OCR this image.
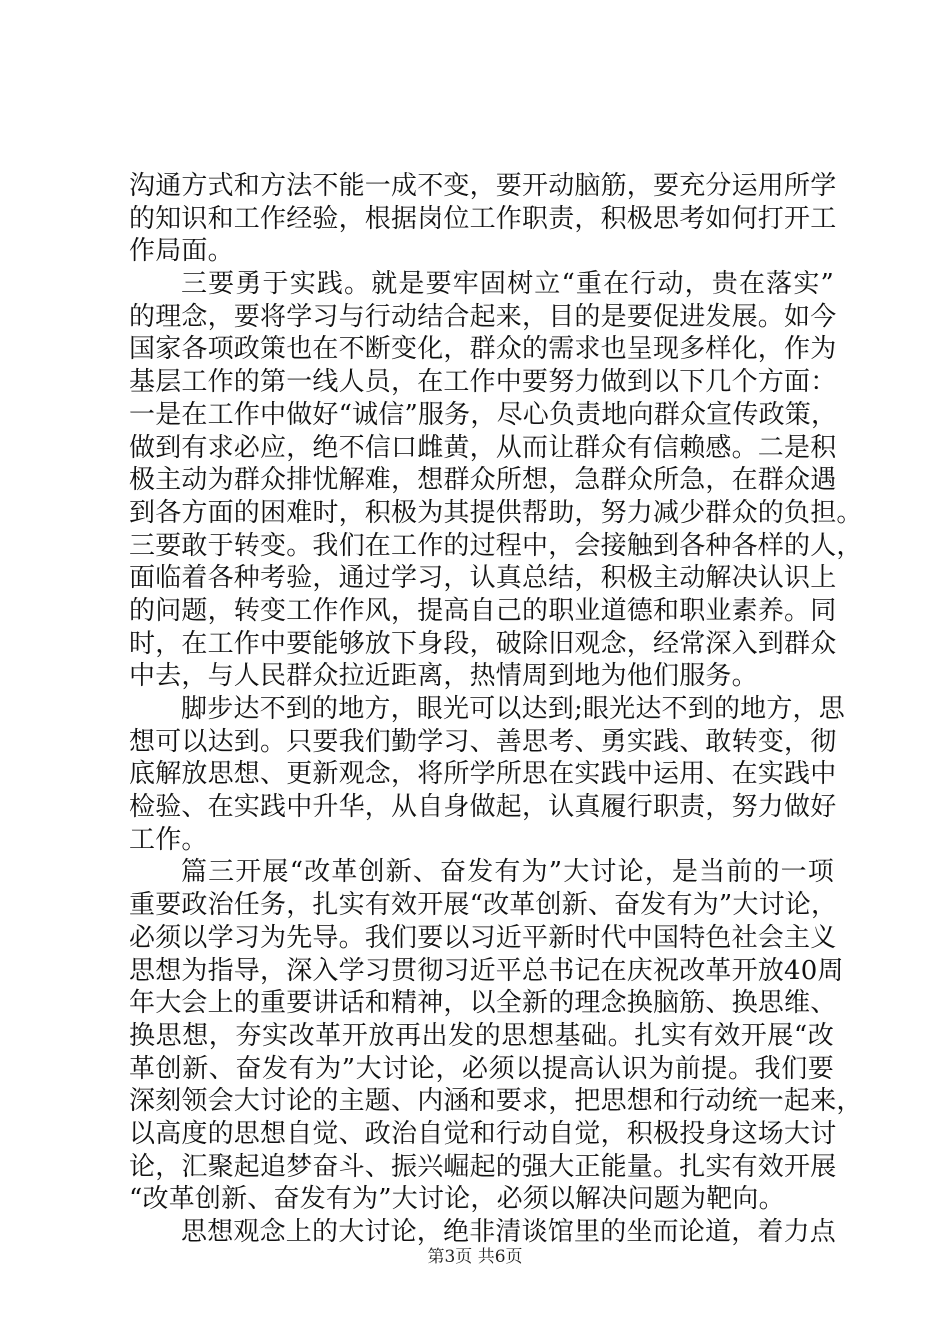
沟通方式和方法不能一成不变，要开动脑筋，要充分运用所学
的知识和工作经验，根据岗位工作职责，积极思考如何打开工
作局面。
三要勇于实践。就是要牢固树立“重在行动，贵在落实”
的理念，要将学习与行动结合起来，目的是要促进发展。如今
国家各项政策也在不断变化，群众的需求也呈现多样化，作为
基层工作的第一线人员，在工作中要努力做到以下几个方面：
一是在工作中做好“诚信”服务，尽心负责地向群众宣传政策，
做到有求必应，绝不信口雌黄，从而让群众有信赖感。二是积
极主动为群众排忧解难，想群众所想，急群众所急，在群众遇
到各方面的困难时，积极为其提供帮助，努力减少群众的负担。
三要敢于转变。我们在工作的过程中，会接触到各种各样的人，
面临着各种考验，通过学习，认真总结，积极主动解决认识上
的问题，转变工作作风，提高自己的职业道德和职业素养。同
时，在工作中要能够放下身段，破除旧观念，经常深入到群众
中去，与人民群众拉近距离，热情周到地为他们服务。
脚步达不到的地方，眼光可以达到;眼光达不到的地方，思
想可以达到。只要我们勤学习、善思考、勇实践、敢转变，彻
底解放思想、更新观念，将所学所思在实践中运用、在实践中
检验、在实践中升华，从自身做起，认真履行职责，努力做好
工作。
篇三开展“改革创新、奋发有为”大讨论，是当前的一项
重要政治任务，扎实有效开展“改革创新、奋发有为”大讨论，
必须以学习为先导。我们要以习近平新时代中国特色社会主义
思想为指导，深入学习贯彻习近平总书记在庆祝改革开放40周
年大会上的重要讲话和精神，以全新的理念换脑筋、换思维、
换思想，夯实改革开放再出发的思想基础。扎实有效开展“改
革创新、奋发有为”大讨论，必须以提高认识为前提。我们要
深刻领会大讨论的主题、内涵和要求，把思想和行动统一起来，
以高度的思想自觉、政治自觉和行动自觉，积极投身这场大讨
论，汇聚起追梦奋斗、振兴崛起的强大正能量。扎实有效开展
“改革创新、奋发有为”大讨论，必须以解决问题为靶向。
思想观念上的大讨论，绝非清谈馆里的坐而论道，着力点
第3页 共6页
